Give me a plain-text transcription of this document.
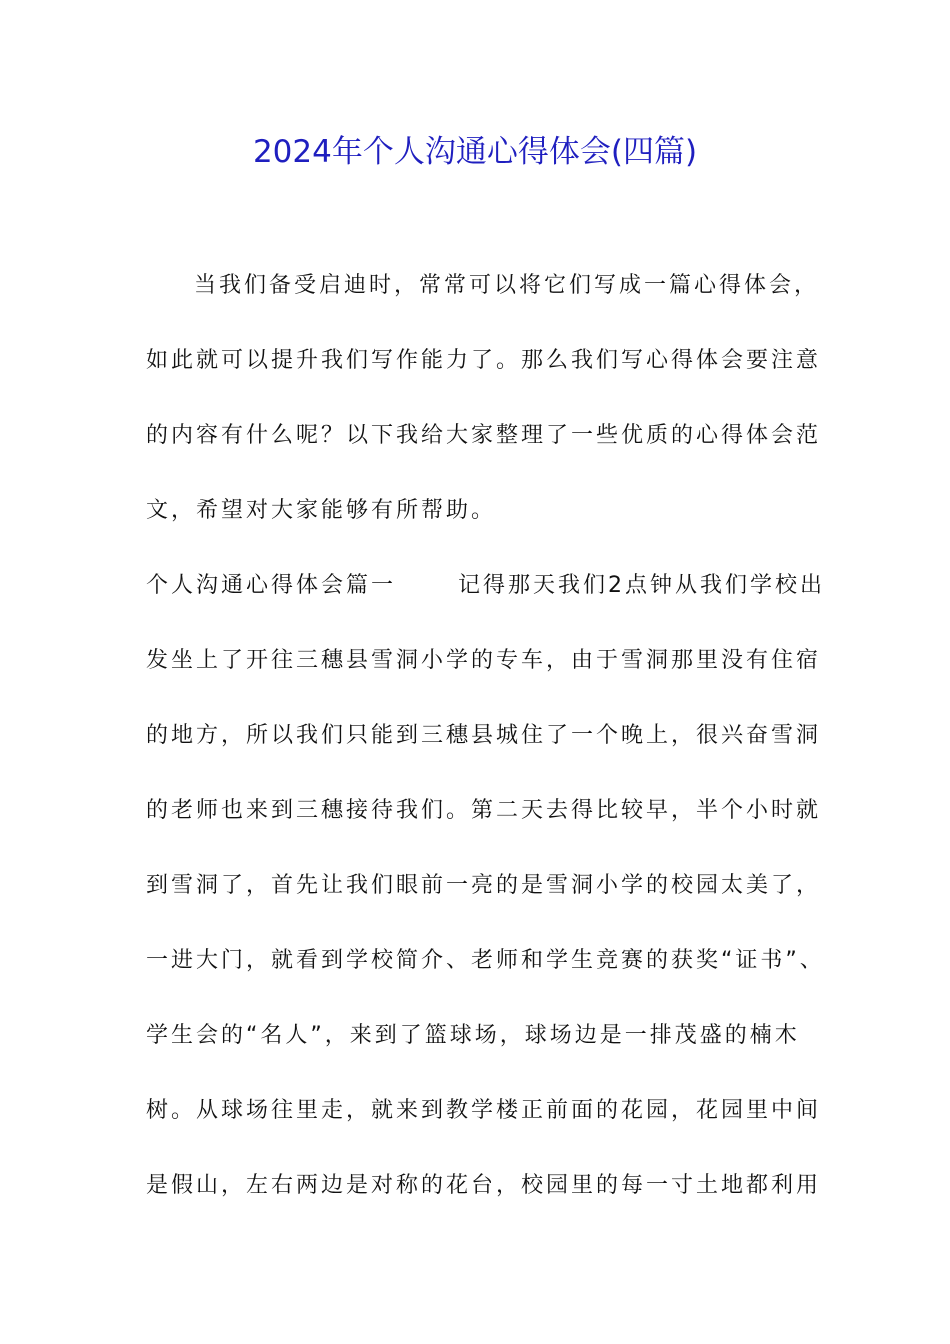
2024年个人沟通心得体会(四篇)
当我们备受启迪时，常常可以将它们写成一篇心得体会，
如此就可以提升我们写作能力了。那么我们写心得体会要注意
的内容有什么呢？以下我给大家整理了一些优质的心得体会范
文，希望对大家能够有所帮助。
个人沟通心得体会篇一	记得那天我们2点钟从我们学校出
发坐上了开往三穗县雪洞小学的专车，由于雪洞那里没有住宿
的地方，所以我们只能到三穗县城住了一个晚上，很兴奋雪洞
的老师也来到三穗接待我们。第二天去得比较早，半个小时就
到雪洞了，首先让我们眼前一亮的是雪洞小学的校园太美了，
一进大门，就看到学校简介、老师和学生竞赛的获奖“证书”、
学生会的“名人”，来到了篮球场，球场边是一排茂盛的楠木
树。从球场往里走，就来到教学楼正前面的花园，花园里中间
是假山，左右两边是对称的花台，校园里的每一寸土地都利用
